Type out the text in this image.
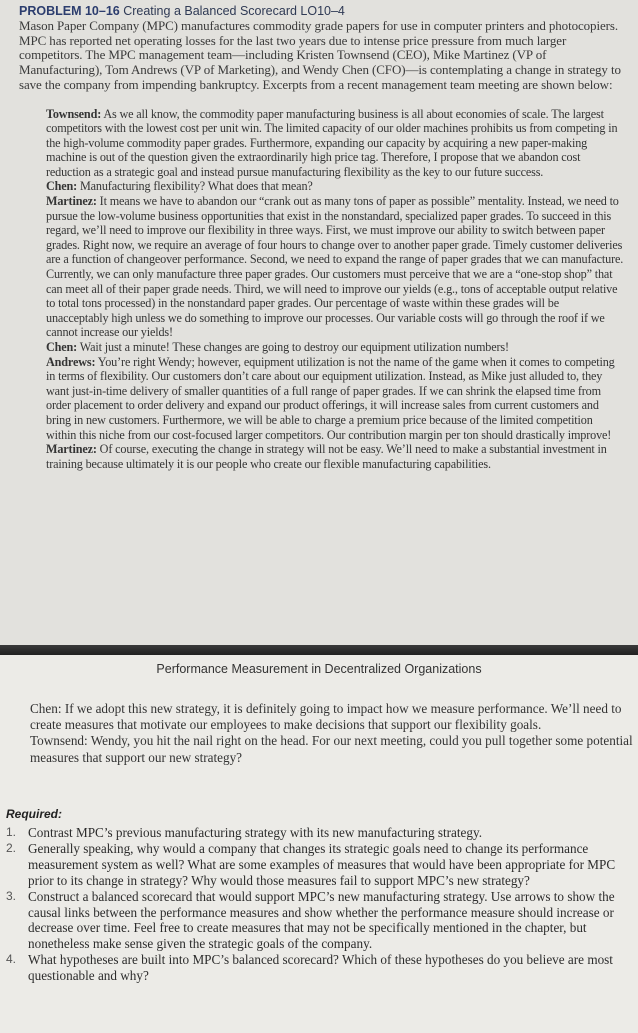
PROBLEM 10–16 Creating a Balanced Scorecard LO10–4

Mason Paper Company (MPC) manufactures commodity grade papers for use in computer printers and photocopiers. MPC has reported net operating losses for the last two years due to intense price pressure from much larger competitors. The MPC management team—including Kristen Townsend (CEO), Mike Martinez (VP of Manufacturing), Tom Andrews (VP of Marketing), and Wendy Chen (CFO)—is contemplating a change in strategy to save the company from impending bankruptcy. Excerpts from a recent management team meeting are shown below:

Townsend: As we all know, the commodity paper manufacturing business is all about economies of scale. The largest competitors with the lowest cost per unit win. The limited capacity of our older machines prohibits us from competing in the high-volume commodity paper grades. Furthermore, expanding our capacity by acquiring a new paper-making machine is out of the question given the extraordinarily high price tag. Therefore, I propose that we abandon cost reduction as a strategic goal and instead pursue manufacturing flexibility as the key to our future success.

Chen: Manufacturing flexibility? What does that mean?

Martinez: It means we have to abandon our “crank out as many tons of paper as possible” mentality. Instead, we need to pursue the low-volume business opportunities that exist in the nonstandard, specialized paper grades. To succeed in this regard, we’ll need to improve our flexibility in three ways. First, we must improve our ability to switch between paper grades. Right now, we require an average of four hours to change over to another paper grade. Timely customer deliveries are a function of changeover performance. Second, we need to expand the range of paper grades that we can manufacture. Currently, we can only manufacture three paper grades. Our customers must perceive that we are a “one-stop shop” that can meet all of their paper grade needs. Third, we will need to improve our yields (e.g., tons of acceptable output relative to total tons processed) in the nonstandard paper grades. Our percentage of waste within these grades will be unacceptably high unless we do something to improve our processes. Our variable costs will go through the roof if we cannot increase our yields!

Chen: Wait just a minute! These changes are going to destroy our equipment utilization numbers!

Andrews: You’re right Wendy; however, equipment utilization is not the name of the game when it comes to competing in terms of flexibility. Our customers don’t care about our equipment utilization. Instead, as Mike just alluded to, they want just-in-time delivery of smaller quantities of a full range of paper grades. If we can shrink the elapsed time from order placement to order delivery and expand our product offerings, it will increase sales from current customers and bring in new customers. Furthermore, we will be able to charge a premium price because of the limited competition within this niche from our cost-focused larger competitors. Our contribution margin per ton should drastically improve!

Martinez: Of course, executing the change in strategy will not be easy. We’ll need to make a substantial investment in training because ultimately it is our people who create our flexible manufacturing capabilities.

Performance Measurement in Decentralized Organizations

Chen: If we adopt this new strategy, it is definitely going to impact how we measure performance. We’ll need to create measures that motivate our employees to make decisions that support our flexibility goals.

Townsend: Wendy, you hit the nail right on the head. For our next meeting, could you pull together some potential measures that support our new strategy?

Required:
1. Contrast MPC’s previous manufacturing strategy with its new manufacturing strategy.
2. Generally speaking, why would a company that changes its strategic goals need to change its performance measurement system as well? What are some examples of measures that would have been appropriate for MPC prior to its change in strategy? Why would those measures fail to support MPC’s new strategy?
3. Construct a balanced scorecard that would support MPC’s new manufacturing strategy. Use arrows to show the causal links between the performance measures and show whether the performance measure should increase or decrease over time. Feel free to create measures that may not be specifically mentioned in the chapter, but nonetheless make sense given the strategic goals of the company.
4. What hypotheses are built into MPC’s balanced scorecard? Which of these hypotheses do you believe are most questionable and why?
